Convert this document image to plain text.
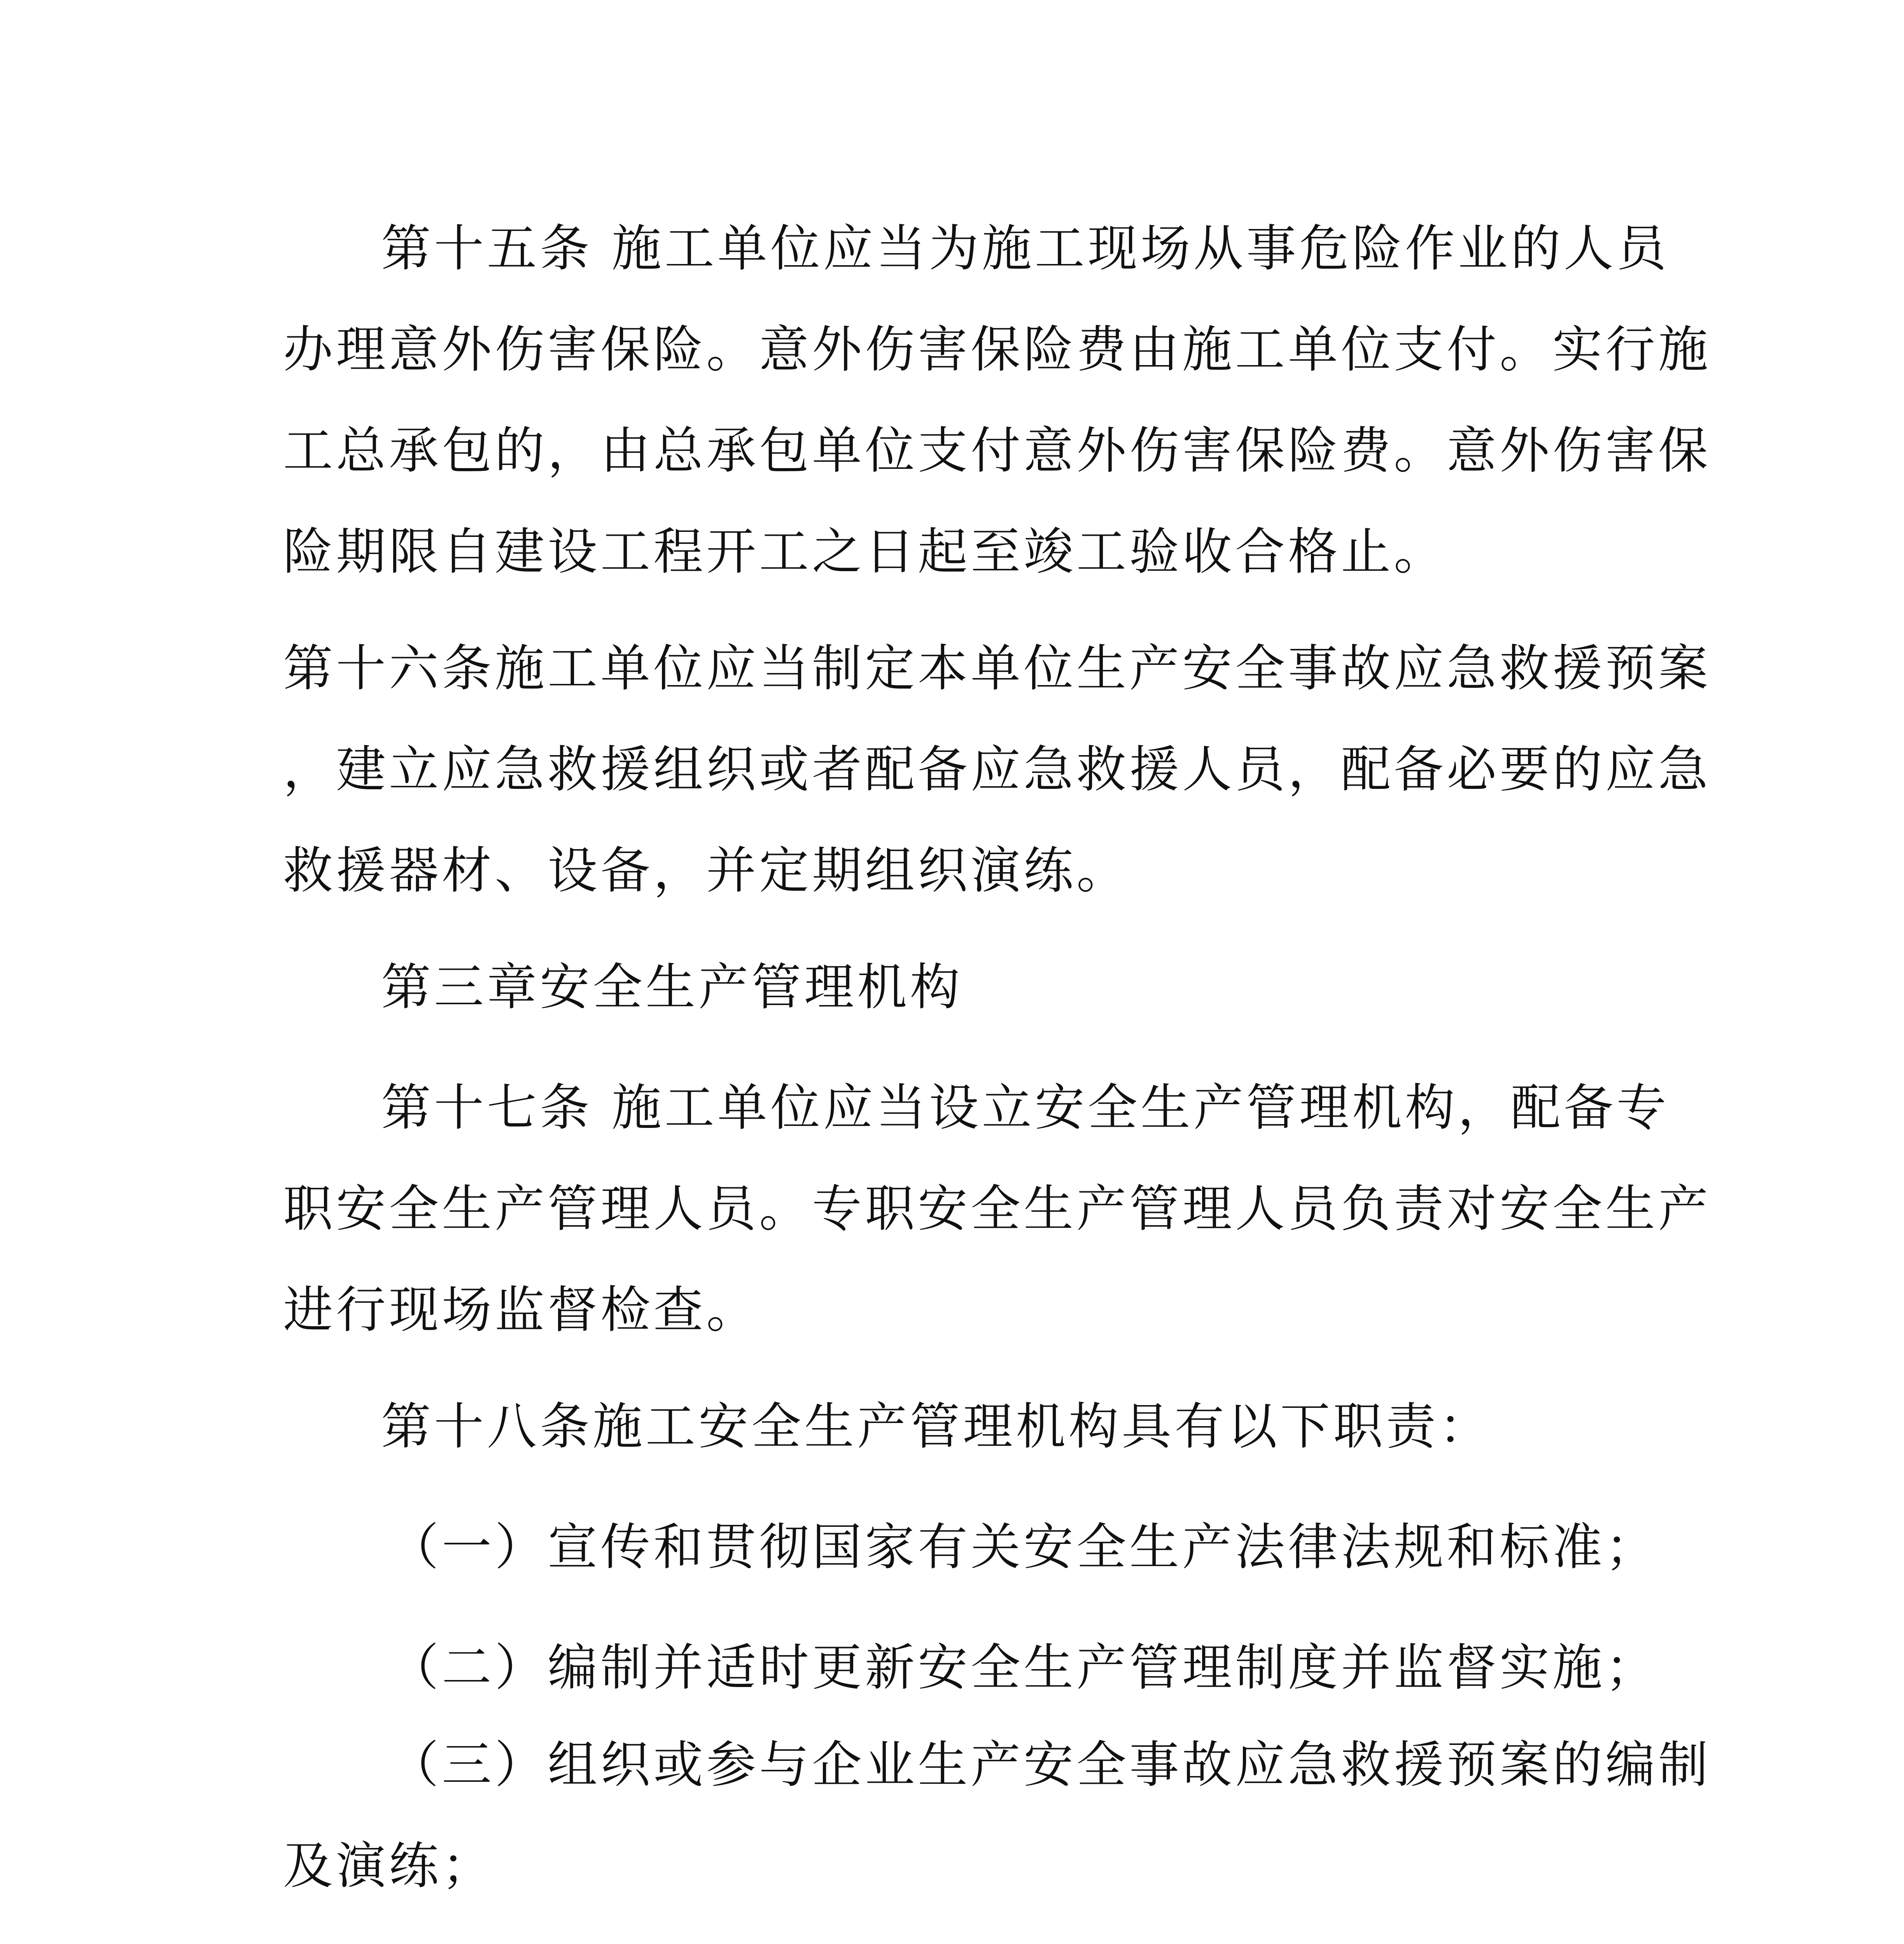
第十五条 施工单位应当为施工现场从事危险作业的人员

办理意外伤害保险。意外伤害保险费由施工单位支付。实行施

工总承包的，由总承包单位支付意外伤害保险费。意外伤害保

险期限自建设工程开工之日起至竣工验收合格止。

第十六条施工单位应当制定本单位生产安全事故应急救援预案

，建立应急救援组织或者配备应急救援人员，配备必要的应急

救援器材、设备，并定期组织演练。

第三章安全生产管理机构

第十七条 施工单位应当设立安全生产管理机构，配备专

职安全生产管理人员。专职安全生产管理人员负责对安全生产

进行现场监督检查。

第十八条施工安全生产管理机构具有以下职责：

（一）宣传和贯彻国家有关安全生产法律法规和标准；

（二）编制并适时更新安全生产管理制度并监督实施；

（三）组织或参与企业生产安全事故应急救援预案的编制

及演练；
